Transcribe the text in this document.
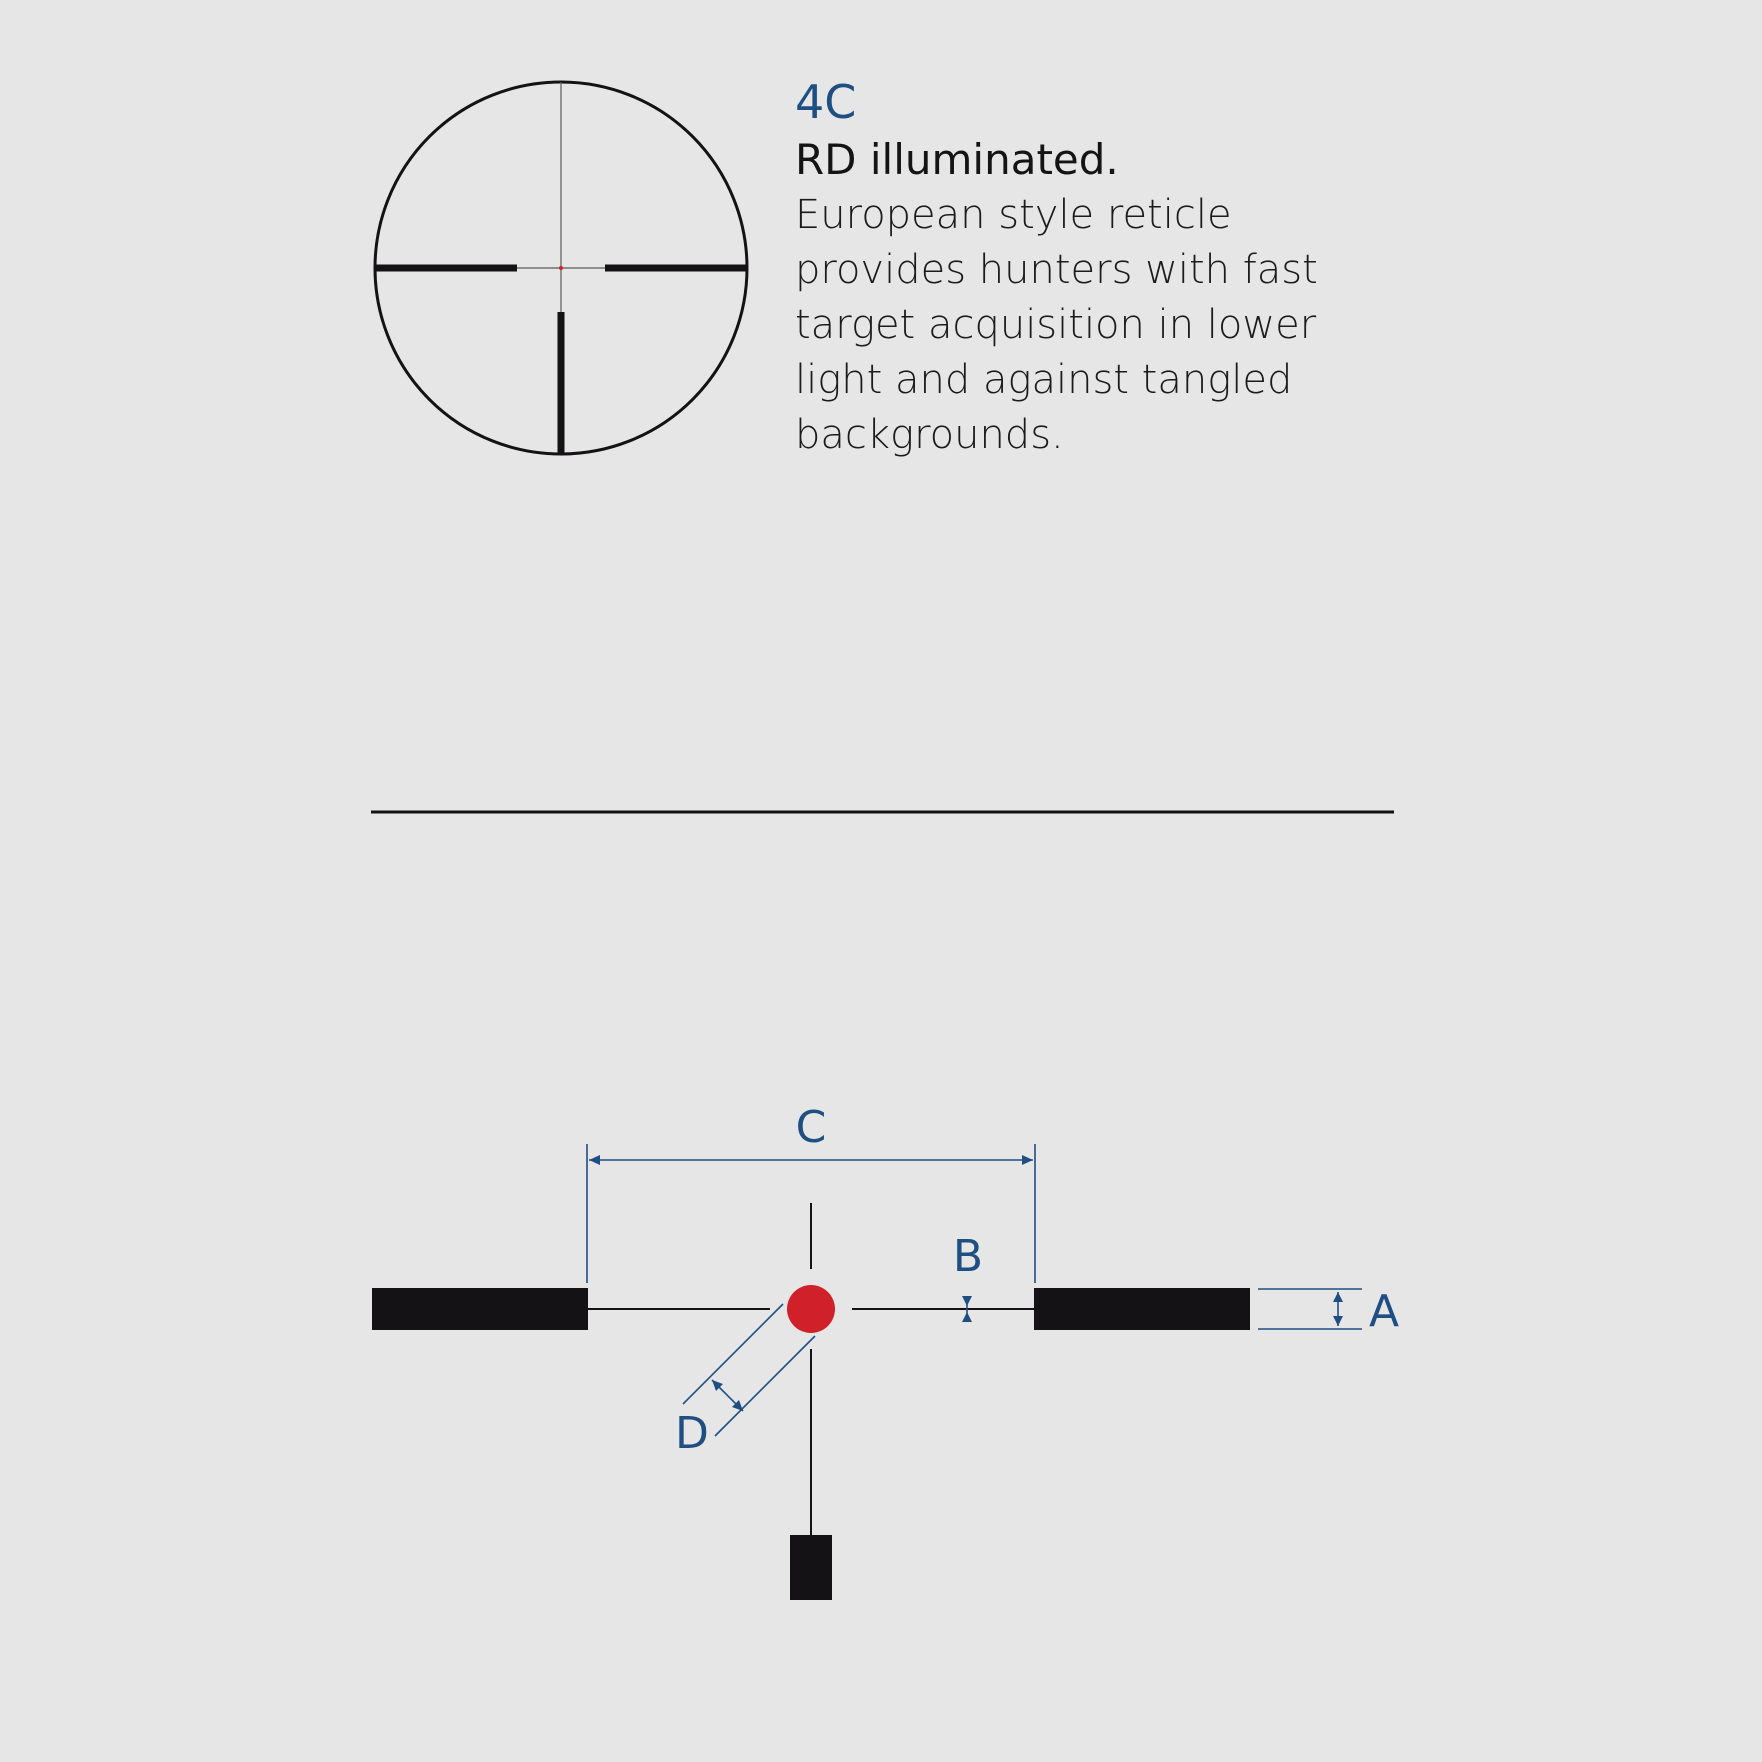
C
B
A
D
4C
RD illuminated.

European style reticle provides hunters with fast target acquisition in lower light and against tangled backgrounds.
